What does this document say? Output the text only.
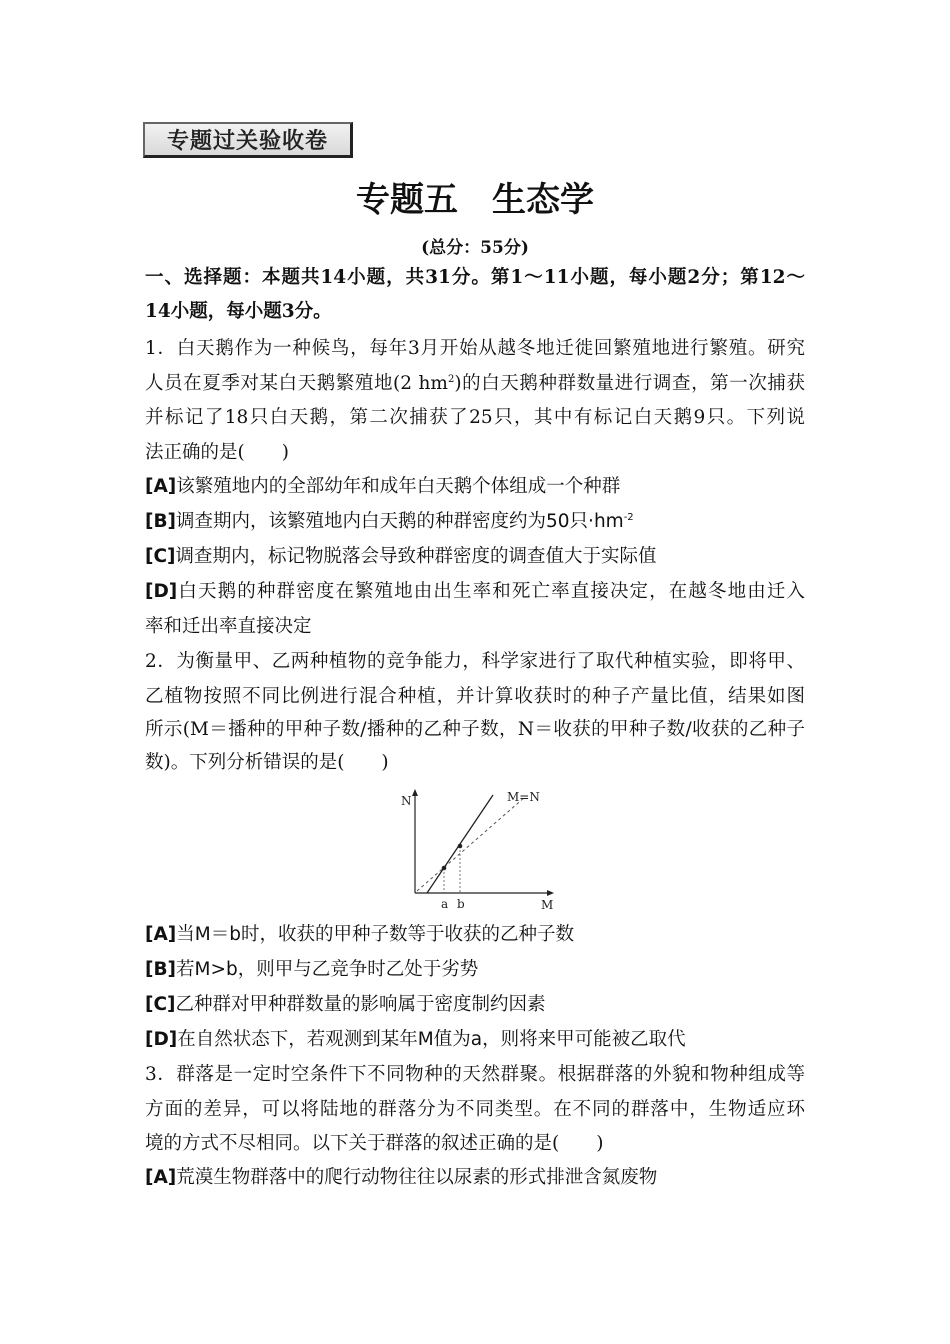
专题过关验收卷
专题五　生态学
(总分：55分)
一、选择题：本题共14小题，共31分。第1～11小题，每小题2分；第12～
14小题，每小题3分。
1．白天鹅作为一种候鸟，每年3月开始从越冬地迁徙回繁殖地进行繁殖。研究
人员在夏季对某白天鹅繁殖地(2 $hm^2$)的白天鹅种群数量进行调查，第一次捕获
并标记了18只白天鹅，第二次捕获了25只，其中有标记白天鹅9只。下列说
法正确的是(　　)
[A]该繁殖地内的全部幼年和成年白天鹅个体组成一个种群
[B]调查期内，该繁殖地内白天鹅的种群密度约为50只$\cdot hm^{-2}$
[C]调查期内，标记物脱落会导致种群密度的调查值大于实际值
[D]白天鹅的种群密度在繁殖地由出生率和死亡率直接决定，在越冬地由迁入
率和迁出率直接决定
2．为衡量甲、乙两种植物的竞争能力，科学家进行了取代种植实验，即将甲、
乙植物按照不同比例进行混合种植，并计算收获时的种子产量比值，结果如图
所示(M＝播种的甲种子数/播种的乙种子数，N＝收获的甲种子数/收获的乙种子
数)。下列分析错误的是(　　)
N
M
M=N
a b
[A]当M＝b时，收获的甲种子数等于收获的乙种子数
[B]若M>b，则甲与乙竞争时乙处于劣势
[C]乙种群对甲种群数量的影响属于密度制约因素
[D]在自然状态下，若观测到某年M值为a，则将来甲可能被乙取代
3．群落是一定时空条件下不同物种的天然群聚。根据群落的外貌和物种组成等
方面的差异，可以将陆地的群落分为不同类型。在不同的群落中，生物适应环
境的方式不尽相同。以下关于群落的叙述正确的是(　　)
[A]荒漠生物群落中的爬行动物往往以尿素的形式排泄含氮废物
